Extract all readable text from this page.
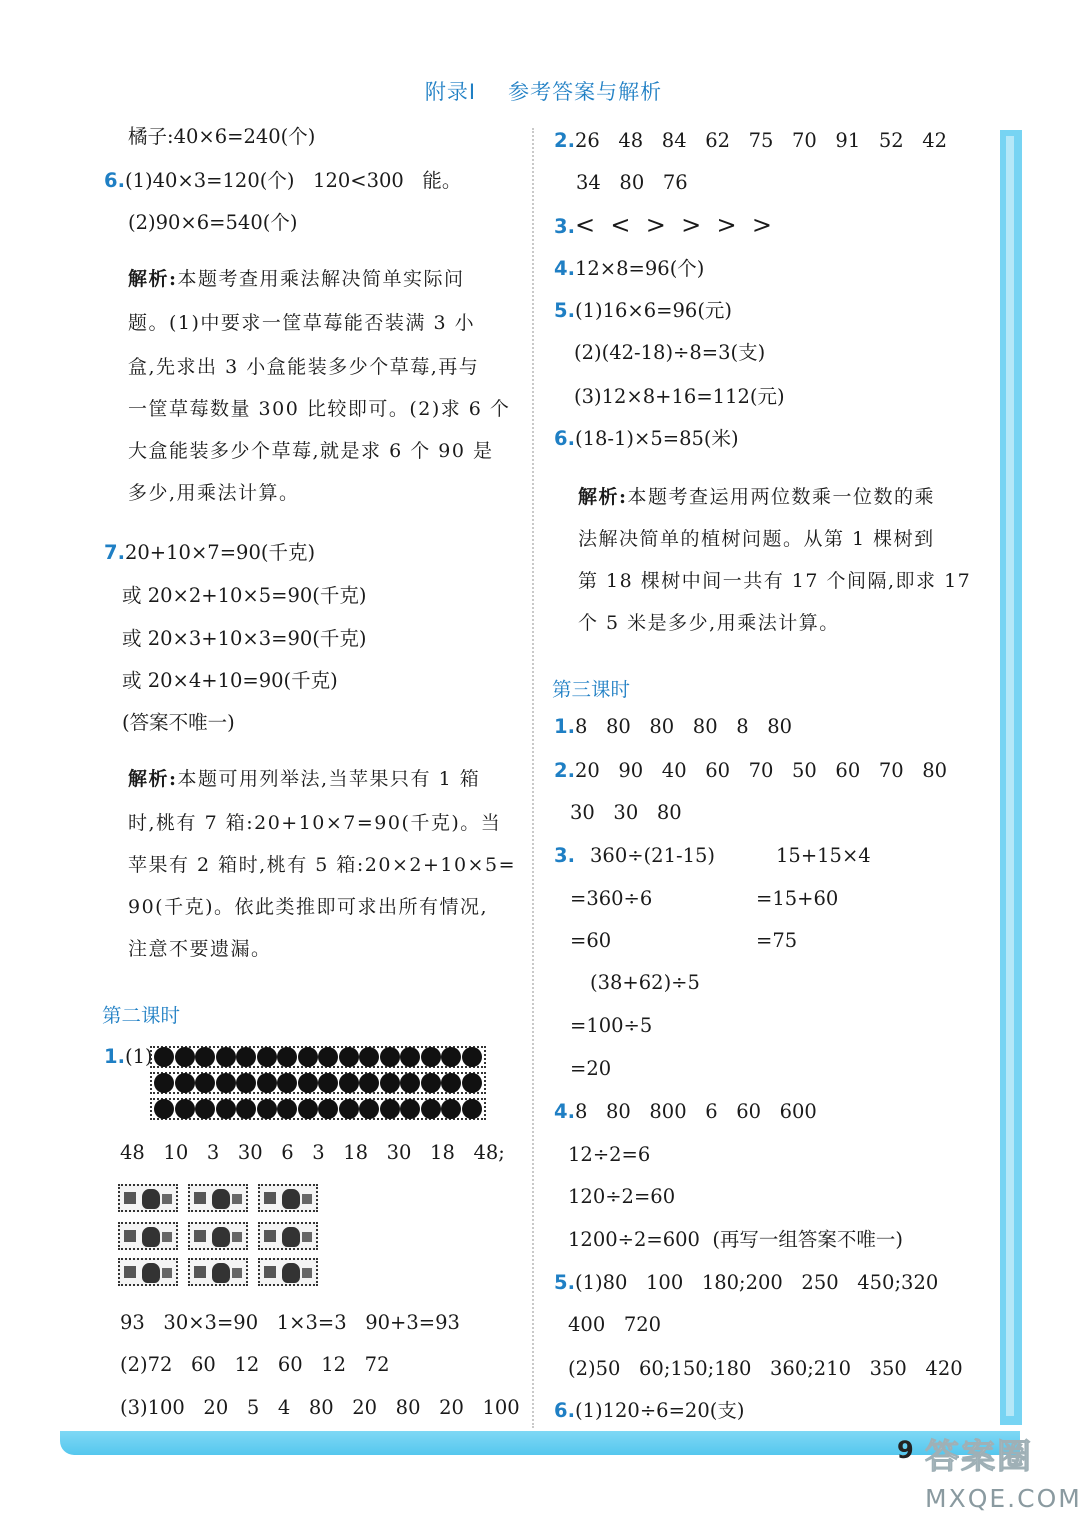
附录Ⅰ 参考答案与解析
9 答案圈
MXQE.COM
橘子:40×6=240(个)
6.(1)40×3=120(个)   120<300   能。
(2)90×6=540(个)
解析:本题考查用乘法解决简单实际问
题。(1)中要求一筐草莓能否装满 3 小
盒,先求出 3 小盒能装多少个草莓,再与
一筐草莓数量 300 比较即可。(2)求 6 个
大盒能装多少个草莓,就是求 6 个 90 是
多少,用乘法计算。
7.20+10×7=90(千克)
或 20×2+10×5=90(千克)
或 20×3+10×3=90(千克)
或 20×4+10=90(千克)
(答案不唯一)
解析:本题可用列举法,当苹果只有 1 箱
时,桃有 7 箱:20+10×7=90(千克)。当
苹果有 2 箱时,桃有 5 箱:20×2+10×5=
90(千克)。依此类推即可求出所有情况,
注意不要遗漏。
第二课时
1.(1)
48   10   3   30   6   3   18   30   18   48;
93   30×3=90   1×3=3   90+3=93
(2)72   60   12   60   12   72
(3)100   20   5   4   80   20   80   20   100
2.26   48   84   62   75   70   91   52   42
34   80   76
3.<  <  >  >  >  >
4.12×8=96(个)
5.(1)16×6=96(元)
(2)(42-18)÷8=3(支)
(3)12×8+16=112(元)
6.(18-1)×5=85(米)
解析:本题考查运用两位数乘一位数的乘
法解决简单的植树问题。从第 1 棵树到
第 18 棵树中间一共有 17 个间隔,即求 17
个 5 米是多少,用乘法计算。
第三课时
1.8   80   80   80   8   80
2.20   90   40   60   70   50   60   70   80
30   30   80
3. 360÷(21-15)	15+15×4
=360÷6	=15+60
=60	=75
(38+62)÷5
=100÷5
=20
4.8   80   800   6   60   600
12÷2=6
120÷2=60
1200÷2=600  (再写一组答案不唯一)
5.(1)80   100   180;200   250   450;320
400   720
(2)50   60;150;180   360;210   350   420
6.(1)120÷6=20(支)
